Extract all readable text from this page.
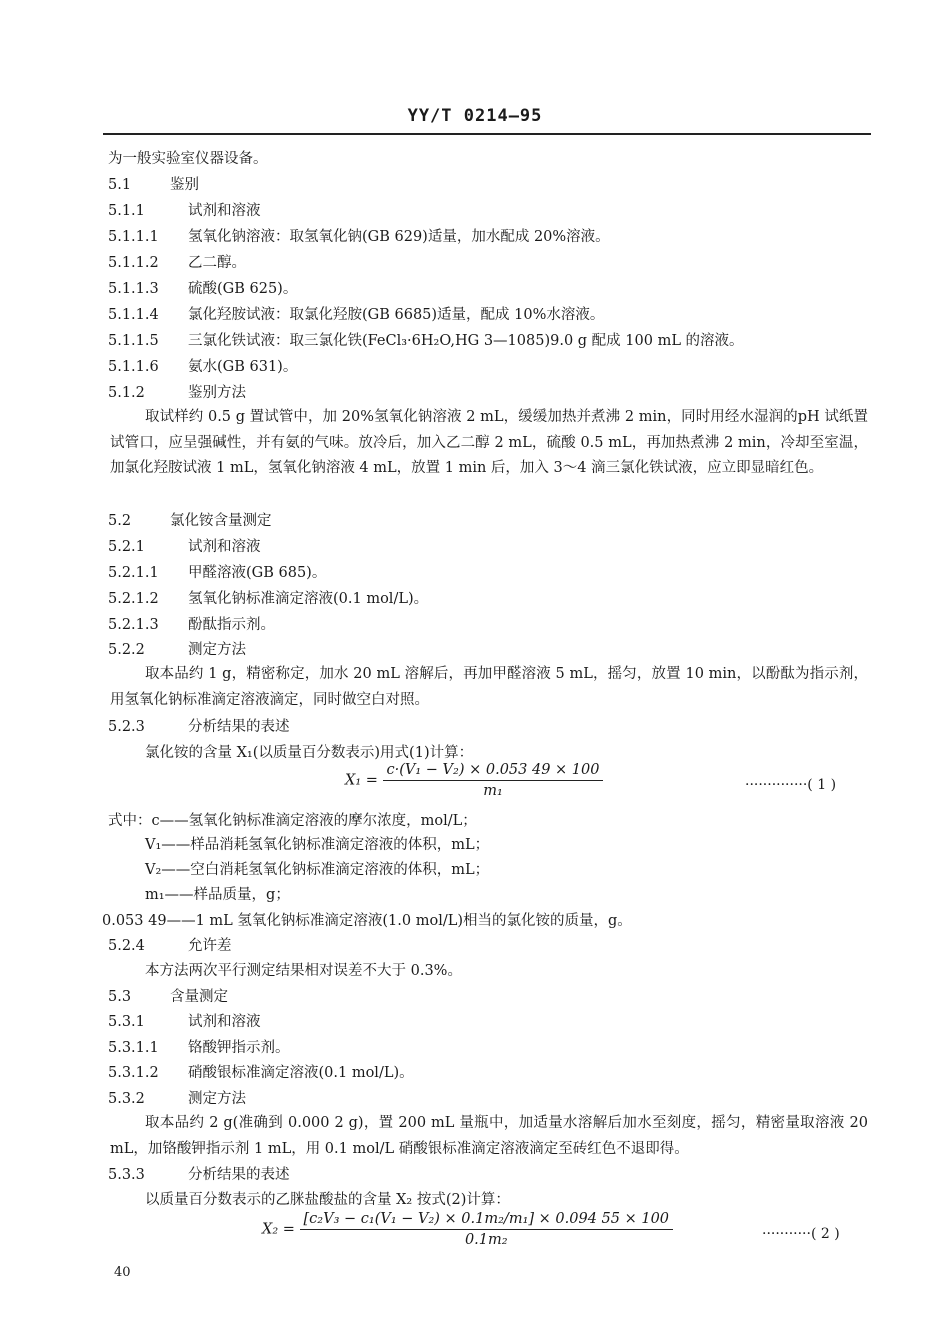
YY/T 0214—95
为一般实验室仪器设备。
5.1	鉴别
5.1.1	试剂和溶液
5.1.1.1 氢氧化钠溶液：取氢氧化钠(GB 629)适量，加水配成 20%溶液。
5.1.1.2 乙二醇。
5.1.1.3 硫酸(GB 625)。
5.1.1.4 氯化羟胺试液：取氯化羟胺(GB 6685)适量，配成 10%水溶液。
5.1.1.5 三氯化铁试液：取三氯化铁(FeCl₃·6H₂O,HG 3—1085)9.0 g 配成 100 mL 的溶液。
5.1.1.6 氨水(GB 631)。
5.1.2	鉴别方法
取试样约 0.5 g 置试管中，加 20%氢氧化钠溶液 2 mL，缓缓加热并煮沸 2 min，同时用经水湿润的pH 试纸置试管口，应呈强碱性，并有氨的气味。放冷后，加入乙二醇 2 mL，硫酸 0.5 mL，再加热煮沸 2 min，冷却至室温，加氯化羟胺试液 1 mL，氢氧化钠溶液 4 mL，放置 1 min 后，加入 3～4 滴三氯化铁试液，应立即显暗红色。
5.2	氯化铵含量测定
5.2.1	试剂和溶液
5.2.1.1 甲醛溶液(GB 685)。
5.2.1.2 氢氧化钠标准滴定溶液(0.1 mol/L)。
5.2.1.3 酚酞指示剂。
5.2.2	测定方法
取本品约 1 g，精密称定，加水 20 mL 溶解后，再加甲醛溶液 5 mL，摇匀，放置 10 min，以酚酞为指示剂，用氢氧化钠标准滴定溶液滴定，同时做空白对照。
5.2.3	分析结果的表述
氯化铵的含量 X₁(以质量百分数表示)用式(1)计算：
$X_1 = \frac{\text{c·(V₁ − V₂) × 0.053 49 × 100}}{\text{m₁}}$	··············( 1 )
式中：c——氢氧化钠标准滴定溶液的摩尔浓度，mol/L；
V₁——样品消耗氢氧化钠标准滴定溶液的体积，mL；
V₂——空白消耗氢氧化钠标准滴定溶液的体积，mL；
m₁——样品质量，g；
0.053 49——1 mL 氢氧化钠标准滴定溶液(1.0 mol/L)相当的氯化铵的质量，g。
5.2.4	允许差
本方法两次平行测定结果相对误差不大于 0.3%。
5.3	含量测定
5.3.1	试剂和溶液
5.3.1.1 铬酸钾指示剂。
5.3.1.2 硝酸银标准滴定溶液(0.1 mol/L)。
5.3.2	测定方法
取本品约 2 g(准确到 0.000 2 g)，置 200 mL 量瓶中，加适量水溶解后加水至刻度，摇匀，精密量取溶液 20 mL，加铬酸钾指示剂 1 mL，用 0.1 mol/L 硝酸银标准滴定溶液滴定至砖红色不退即得。
5.3.3	分析结果的表述
以质量百分数表示的乙脒盐酸盐的含量 X₂ 按式(2)计算：
$X_2 = \frac{\text{[c₂V₃ − c₁(V₁ − V₂) × 0.1m₂/m₁] × 0.094 55 × 100}}{\text{0.1m₂}}$	···········( 2 )
40
